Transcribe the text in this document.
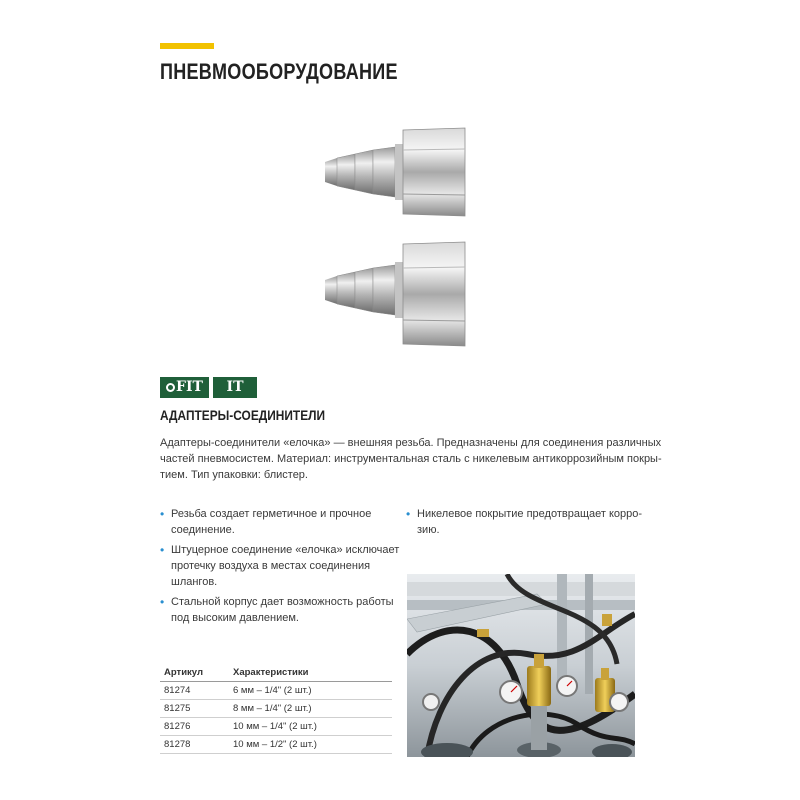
ПНЕВМООБОРУДОВАНИЕ
FIT IT
АДАПТЕРЫ-СОЕДИНИТЕЛИ
Адаптеры-соединители «елочка» — внешняя резьба. Предназначены для соединения различных
частей пневмосистем. Материал: инструментальная сталь с никелевым антикоррозийным покры-
тием. Тип упаковки: блистер.
• Резьба создает герметичное и прочное
соединение.
• Штуцерное соединение «елочка» исключает
протечку воздуха в местах соединения
шлангов.
• Стальной корпус дает возможность работы
под высоким давлением.
• Никелевое покрытие предотвращает корро-
зию.
Артикул	Характеристики
81274	6 мм – 1/4" (2 шт.)
81275	8 мм – 1/4" (2 шт.)
81276	10 мм – 1/4" (2 шт.)
81278	10 мм – 1/2" (2 шт.)
